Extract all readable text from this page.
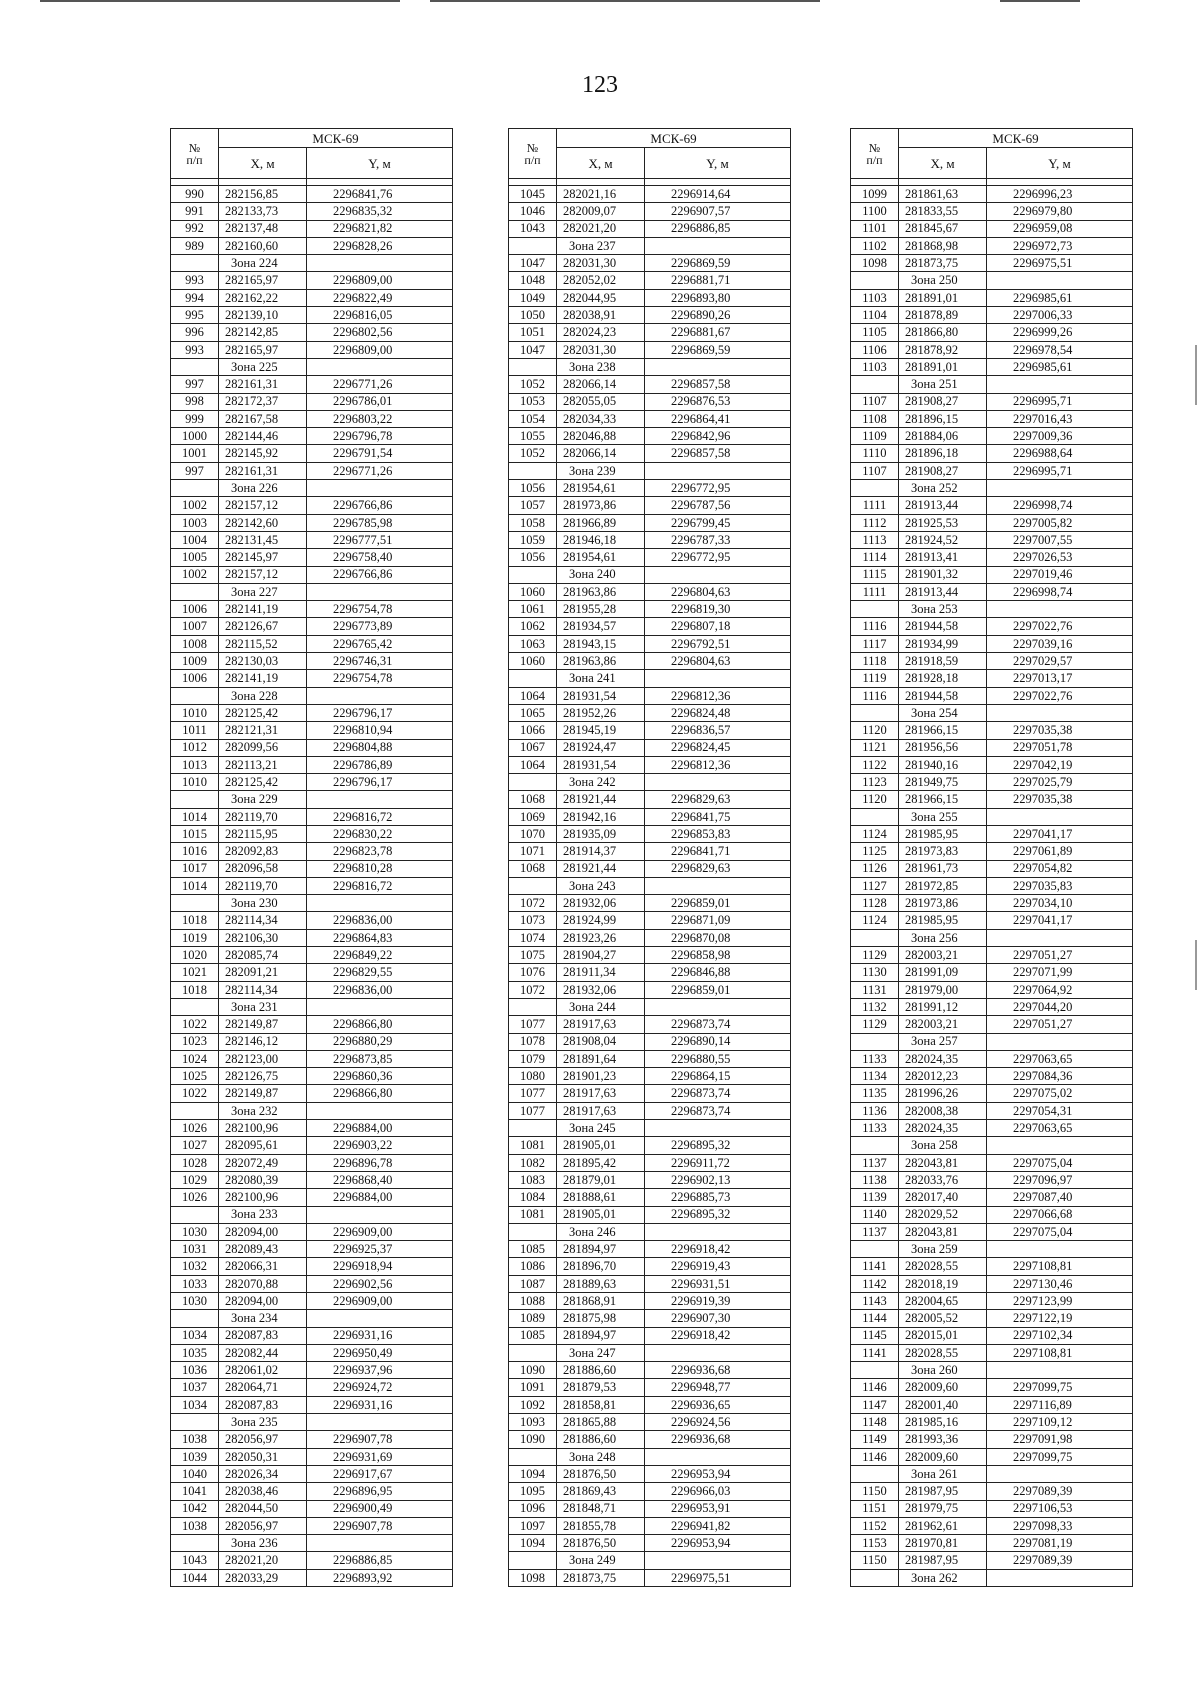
123
№
п/п	МСК-69	
	X, м	Y, м

990	282156,85	2296841,76
991	282133,73	2296835,32
992	282137,48	2296821,82
989	282160,60	2296828,26
	Зона 224	
993	282165,97	2296809,00
994	282162,22	2296822,49
995	282139,10	2296816,05
996	282142,85	2296802,56
993	282165,97	2296809,00
	Зона 225	
997	282161,31	2296771,26
998	282172,37	2296786,01
999	282167,58	2296803,22
1000	282144,46	2296796,78
1001	282145,92	2296791,54
997	282161,31	2296771,26
	Зона 226	
1002	282157,12	2296766,86
1003	282142,60	2296785,98
1004	282131,45	2296777,51
1005	282145,97	2296758,40
1002	282157,12	2296766,86
	Зона 227	
1006	282141,19	2296754,78
1007	282126,67	2296773,89
1008	282115,52	2296765,42
1009	282130,03	2296746,31
1006	282141,19	2296754,78
	Зона 228	
1010	282125,42	2296796,17
1011	282121,31	2296810,94
1012	282099,56	2296804,88
1013	282113,21	2296786,89
1010	282125,42	2296796,17
	Зона 229	
1014	282119,70	2296816,72
1015	282115,95	2296830,22
1016	282092,83	2296823,78
1017	282096,58	2296810,28
1014	282119,70	2296816,72
	Зона 230	
1018	282114,34	2296836,00
1019	282106,30	2296864,83
1020	282085,74	2296849,22
1021	282091,21	2296829,55
1018	282114,34	2296836,00
	Зона 231	
1022	282149,87	2296866,80
1023	282146,12	2296880,29
1024	282123,00	2296873,85
1025	282126,75	2296860,36
1022	282149,87	2296866,80
	Зона 232	
1026	282100,96	2296884,00
1027	282095,61	2296903,22
1028	282072,49	2296896,78
1029	282080,39	2296868,40
1026	282100,96	2296884,00
	Зона 233	
1030	282094,00	2296909,00
1031	282089,43	2296925,37
1032	282066,31	2296918,94
1033	282070,88	2296902,56
1030	282094,00	2296909,00
	Зона 234	
1034	282087,83	2296931,16
1035	282082,44	2296950,49
1036	282061,02	2296937,96
1037	282064,71	2296924,72
1034	282087,83	2296931,16
	Зона 235	
1038	282056,97	2296907,78
1039	282050,31	2296931,69
1040	282026,34	2296917,67
1041	282038,46	2296896,95
1042	282044,50	2296900,49
1038	282056,97	2296907,78
	Зона 236	
1043	282021,20	2296886,85
1044	282033,29	2296893,92
№
п/п	МСК-69	
	X, м	Y, м

1045	282021,16	2296914,64
1046	282009,07	2296907,57
1043	282021,20	2296886,85
	Зона 237	
1047	282031,30	2296869,59
1048	282052,02	2296881,71
1049	282044,95	2296893,80
1050	282038,91	2296890,26
1051	282024,23	2296881,67
1047	282031,30	2296869,59
	Зона 238	
1052	282066,14	2296857,58
1053	282055,05	2296876,53
1054	282034,33	2296864,41
1055	282046,88	2296842,96
1052	282066,14	2296857,58
	Зона 239	
1056	281954,61	2296772,95
1057	281973,86	2296787,56
1058	281966,89	2296799,45
1059	281946,18	2296787,33
1056	281954,61	2296772,95
	Зона 240	
1060	281963,86	2296804,63
1061	281955,28	2296819,30
1062	281934,57	2296807,18
1063	281943,15	2296792,51
1060	281963,86	2296804,63
	Зона 241	
1064	281931,54	2296812,36
1065	281952,26	2296824,48
1066	281945,19	2296836,57
1067	281924,47	2296824,45
1064	281931,54	2296812,36
	Зона 242	
1068	281921,44	2296829,63
1069	281942,16	2296841,75
1070	281935,09	2296853,83
1071	281914,37	2296841,71
1068	281921,44	2296829,63
	Зона 243	
1072	281932,06	2296859,01
1073	281924,99	2296871,09
1074	281923,26	2296870,08
1075	281904,27	2296858,98
1076	281911,34	2296846,88
1072	281932,06	2296859,01
	Зона 244	
1077	281917,63	2296873,74
1078	281908,04	2296890,14
1079	281891,64	2296880,55
1080	281901,23	2296864,15
1077	281917,63	2296873,74
1077	281917,63	2296873,74
	Зона 245	
1081	281905,01	2296895,32
1082	281895,42	2296911,72
1083	281879,01	2296902,13
1084	281888,61	2296885,73
1081	281905,01	2296895,32
	Зона 246	
1085	281894,97	2296918,42
1086	281896,70	2296919,43
1087	281889,63	2296931,51
1088	281868,91	2296919,39
1089	281875,98	2296907,30
1085	281894,97	2296918,42
	Зона 247	
1090	281886,60	2296936,68
1091	281879,53	2296948,77
1092	281858,81	2296936,65
1093	281865,88	2296924,56
1090	281886,60	2296936,68
	Зона 248	
1094	281876,50	2296953,94
1095	281869,43	2296966,03
1096	281848,71	2296953,91
1097	281855,78	2296941,82
1094	281876,50	2296953,94
	Зона 249	
1098	281873,75	2296975,51
№
п/п	МСК-69	
	X, м	Y, м

1099	281861,63	2296996,23
1100	281833,55	2296979,80
1101	281845,67	2296959,08
1102	281868,98	2296972,73
1098	281873,75	2296975,51
	Зона 250	
1103	281891,01	2296985,61
1104	281878,89	2297006,33
1105	281866,80	2296999,26
1106	281878,92	2296978,54
1103	281891,01	2296985,61
	Зона 251	
1107	281908,27	2296995,71
1108	281896,15	2297016,43
1109	281884,06	2297009,36
1110	281896,18	2296988,64
1107	281908,27	2296995,71
	Зона 252	
1111	281913,44	2296998,74
1112	281925,53	2297005,82
1113	281924,52	2297007,55
1114	281913,41	2297026,53
1115	281901,32	2297019,46
1111	281913,44	2296998,74
	Зона 253	
1116	281944,58	2297022,76
1117	281934,99	2297039,16
1118	281918,59	2297029,57
1119	281928,18	2297013,17
1116	281944,58	2297022,76
	Зона 254	
1120	281966,15	2297035,38
1121	281956,56	2297051,78
1122	281940,16	2297042,19
1123	281949,75	2297025,79
1120	281966,15	2297035,38
	Зона 255	
1124	281985,95	2297041,17
1125	281973,83	2297061,89
1126	281961,73	2297054,82
1127	281972,85	2297035,83
1128	281973,86	2297034,10
1124	281985,95	2297041,17
	Зона 256	
1129	282003,21	2297051,27
1130	281991,09	2297071,99
1131	281979,00	2297064,92
1132	281991,12	2297044,20
1129	282003,21	2297051,27
	Зона 257	
1133	282024,35	2297063,65
1134	282012,23	2297084,36
1135	281996,26	2297075,02
1136	282008,38	2297054,31
1133	282024,35	2297063,65
	Зона 258	
1137	282043,81	2297075,04
1138	282033,76	2297096,97
1139	282017,40	2297087,40
1140	282029,52	2297066,68
1137	282043,81	2297075,04
	Зона 259	
1141	282028,55	2297108,81
1142	282018,19	2297130,46
1143	282004,65	2297123,99
1144	282005,52	2297122,19
1145	282015,01	2297102,34
1141	282028,55	2297108,81
	Зона 260	
1146	282009,60	2297099,75
1147	282001,40	2297116,89
1148	281985,16	2297109,12
1149	281993,36	2297091,98
1146	282009,60	2297099,75
	Зона 261	
1150	281987,95	2297089,39
1151	281979,75	2297106,53
1152	281962,61	2297098,33
1153	281970,81	2297081,19
1150	281987,95	2297089,39
	Зона 262	
